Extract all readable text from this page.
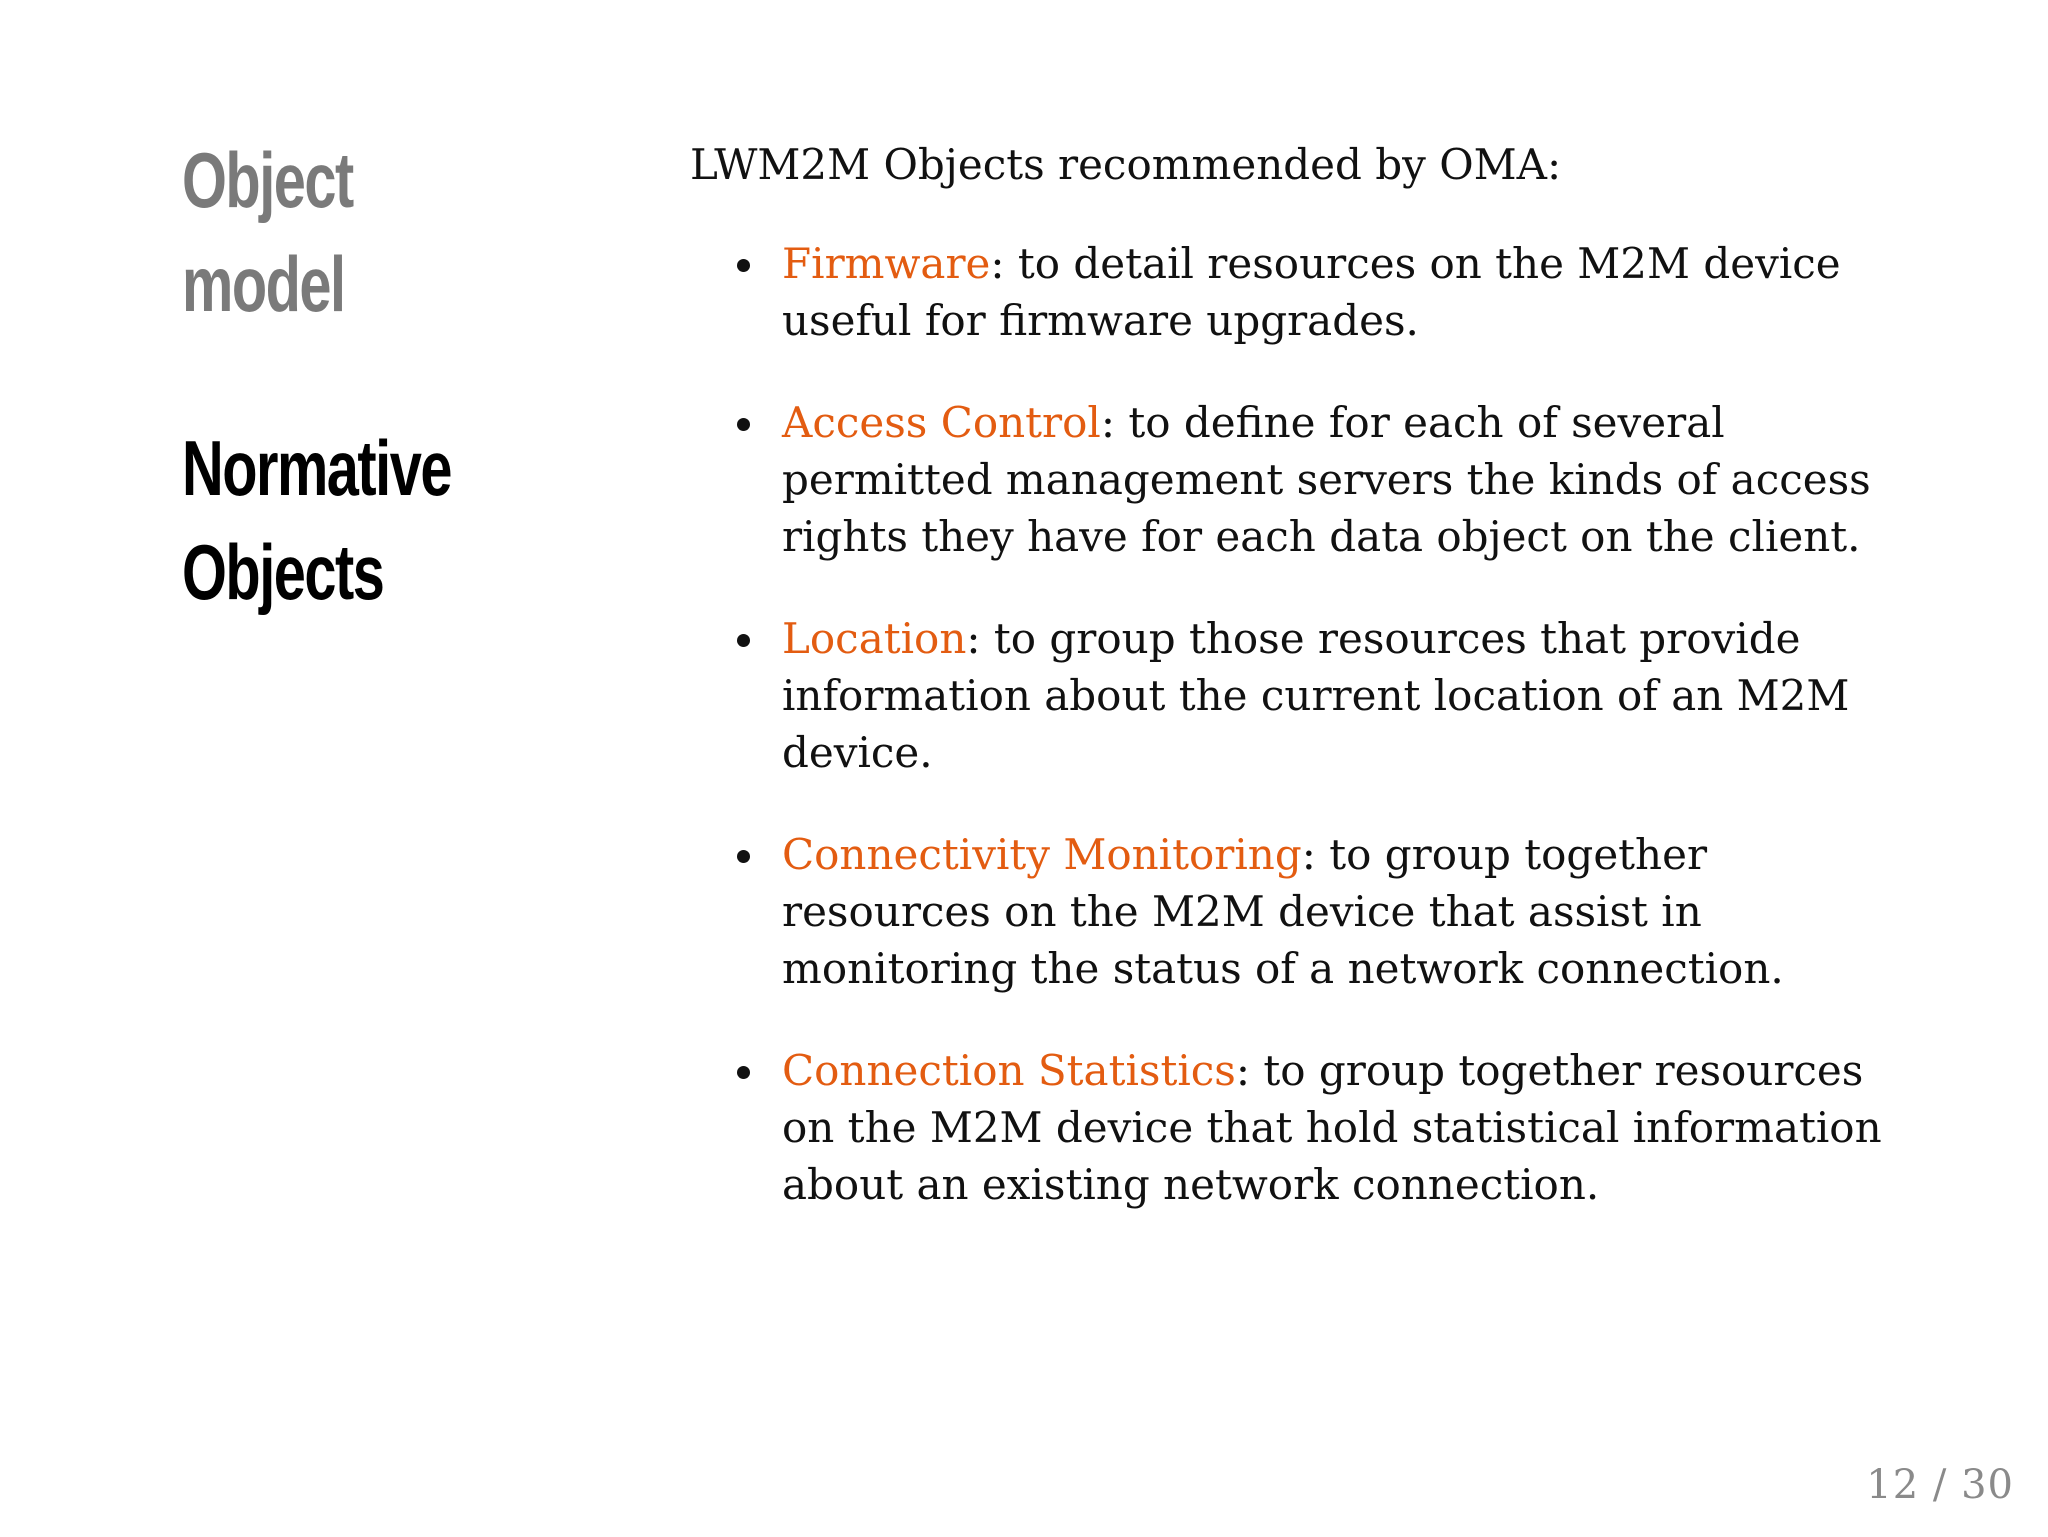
Object
model
Normative
Objects

LWM2M Objects recommended by OMA:

Firmware: to detail resources on the M2M device useful for firmware upgrades.
Access Control: to define for each of several permitted management servers the kinds of access rights they have for each data object on the client.
Location: to group those resources that provide information about the current location of an M2M device.
Connectivity Monitoring: to group together resources on the M2M device that assist in monitoring the status of a network connection.
Connection Statistics: to group together resources on the M2M device that hold statistical information about an existing network connection.
12 / 30
